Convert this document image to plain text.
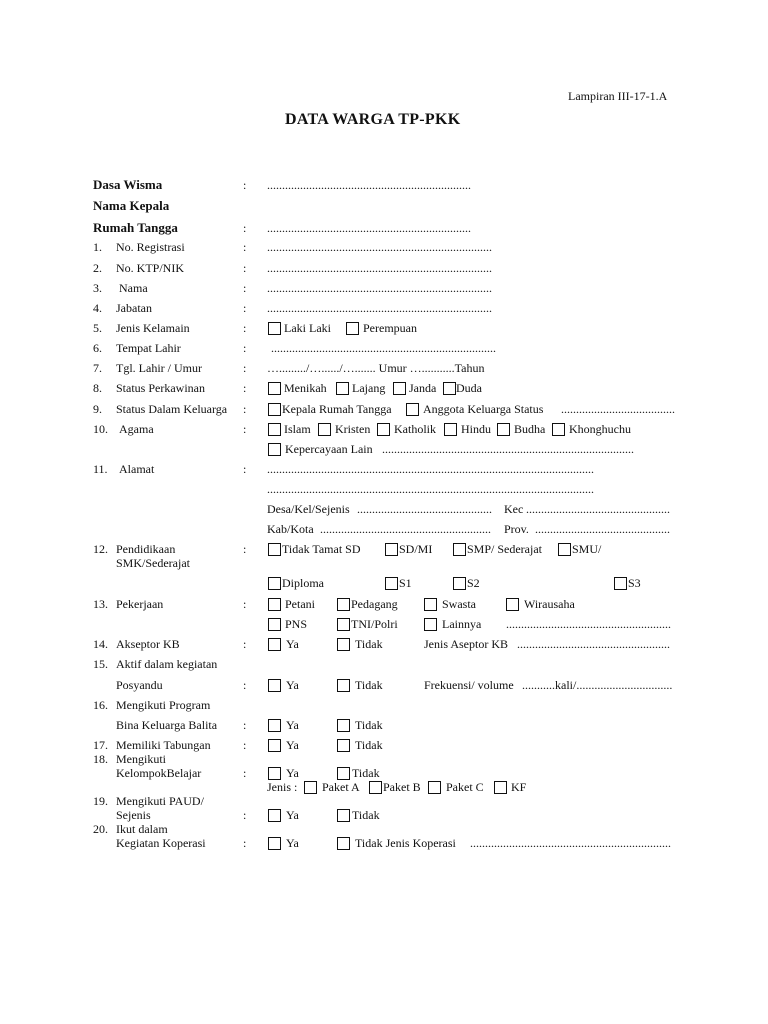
Lampiran III-17-1.A
DATA WARGA TP-PKK
Dasa Wisma	: ....................................................................
Nama Kepala
Rumah Tangga	: ....................................................................
1. No. Registrasi	: ...........................................................................
2. No. KTP/NIK	: ...........................................................................
3. Nama	: ...........................................................................
4. Jabatan	: ...........................................................................
5. Jenis Kelamain	:	Laki Laki	Perempuan
6. Tempat Lahir	: ...........................................................................
7. Tgl. Lahir / Umur	: …........./…....../…....... Umur …...........Tahun
8. Status Perkawinan	:	Menikah Lajang Janda Duda
9. Status Dalam Keluarga :	Kepala Rumah Tangga	Anggota Keluarga Status ......................................
10. Agama	:	Islam Kristen Katholik Hindu Budha Khonghuchu
Kepercayaan Lain ....................................................................................
11. Alamat	: .............................................................................................................
.............................................................................................................
Desa/Kel/Sejenis ............................................. Kec ................................................
Kab/Kota ......................................................... Prov. .............................................
12. Pendidikaan
SMK/Sederajat
:	Tidak Tamat SD	SD/MI	SMP/ Sederajat	SMU/
Diploma	S1	S2	S3
13. Pekerjaan	:	Petani	Pedagang	Swasta	Wirausaha
PNS	TNI/Polri	Lainnya .......................................................
14. Akseptor KB	:	Ya	Tidak	Jenis Aseptor KB ...................................................
15. Aktif dalam kegiatan
Posyandu	:	Ya	Tidak	Frekuensi/ volume ...........kali/................................
16. Mengikuti Program
Bina Keluarga Balita :	Ya	Tidak
17. Memiliki Tabungan	:	Ya	Tidak
18. Mengikuti
KelompokBelajar	:	Ya	Tidak
Jenis : Paket A Paket B Paket C KF
19. Mengikuti PAUD/
Sejenis	:	Ya	Tidak
20. Ikut dalam
Kegiatan Koperasi	:	Ya	Tidak Jenis Koperasi ...................................................................
